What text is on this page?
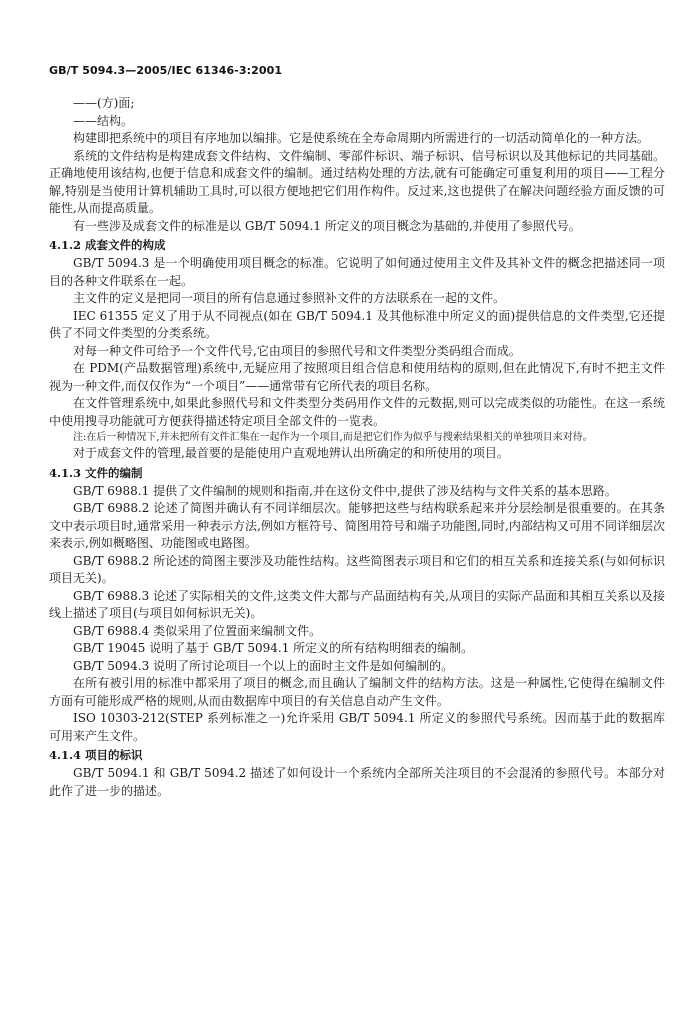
GB/T 5094.3—2005/IEC 61346-3:2001

——(方)面;

——结构。

构建即把系统中的项目有序地加以编排。它是使系统在全寿命周期内所需进行的一切活动简单化的一种方法。

系统的文件结构是构建成套文件结构、文件编制、零部件标识、端子标识、信号标识以及其他标记的共同基础。正确地使用该结构,也便于信息和成套文件的编制。通过结构处理的方法,就有可能确定可重复利用的项目——工程分解,特别是当使用计算机辅助工具时,可以很方便地把它们用作构件。反过来,这也提供了在解决问题经验方面反馈的可能性,从而提高质量。

有一些涉及成套文件的标准是以 GB/T 5094.1 所定义的项目概念为基础的,并使用了参照代号。

4.1.2 成套文件的构成

GB/T 5094.3 是一个明确使用项目概念的标准。它说明了如何通过使用主文件及其补文件的概念把描述同一项目的各种文件联系在一起。

主文件的定义是把同一项目的所有信息通过参照补文件的方法联系在一起的文件。

IEC 61355 定义了用于从不同视点(如在 GB/T 5094.1 及其他标准中所定义的面)提供信息的文件类型,它还提供了不同文件类型的分类系统。

对每一种文件可给予一个文件代号,它由项目的参照代号和文件类型分类码组合而成。

在 PDM(产品数据管理)系统中,无疑应用了按照项目组合信息和使用结构的原则,但在此情况下,有时不把主文件视为一种文件,而仅仅作为“一个项目”——通常带有它所代表的项目名称。

在文件管理系统中,如果此参照代号和文件类型分类码用作文件的元数据,则可以完成类似的功能性。在这一系统中使用搜寻功能就可方便获得描述特定项目全部文件的一览表。

注:在后一种情况下,并未把所有文件汇集在一起作为一个项目,而是把它们作为似乎与搜索结果相关的单独项目来对待。

对于成套文件的管理,最首要的是能使用户直观地辨认出所确定的和所使用的项目。

4.1.3 文件的编制

GB/T 6988.1 提供了文件编制的规则和指南,并在这份文件中,提供了涉及结构与文件关系的基本思路。

GB/T 6988.2 论述了简图并确认有不同详细层次。能够把这些与结构联系起来并分层绘制是很重要的。在其条文中表示项目时,通常采用一种表示方法,例如方框符号、简图用符号和端子功能图,同时,内部结构又可用不同详细层次来表示,例如概略图、功能图或电路图。

GB/T 6988.2 所论述的简图主要涉及功能性结构。这些简图表示项目和它们的相互关系和连接关系(与如何标识项目无关)。

GB/T 6988.3 论述了实际相关的文件,这类文件大都与产品面结构有关,从项目的实际产品面和其相互关系以及接线上描述了项目(与项目如何标识无关)。

GB/T 6988.4 类似采用了位置面来编制文件。

GB/T 19045 说明了基于 GB/T 5094.1 所定义的所有结构明细表的编制。

GB/T 5094.3 说明了所讨论项目一个以上的面时主文件是如何编制的。

在所有被引用的标准中都采用了项目的概念,而且确认了编制文件的结构方法。这是一种属性,它使得在编制文件方面有可能形成严格的规则,从而由数据库中项目的有关信息自动产生文件。

ISO 10303-212(STEP 系列标准之一)允许采用 GB/T 5094.1 所定义的参照代号系统。因而基于此的数据库可用来产生文件。

4.1.4 项目的标识

GB/T 5094.1 和 GB/T 5094.2 描述了如何设计一个系统内全部所关注项目的不会混淆的参照代号。本部分对此作了进一步的描述。
